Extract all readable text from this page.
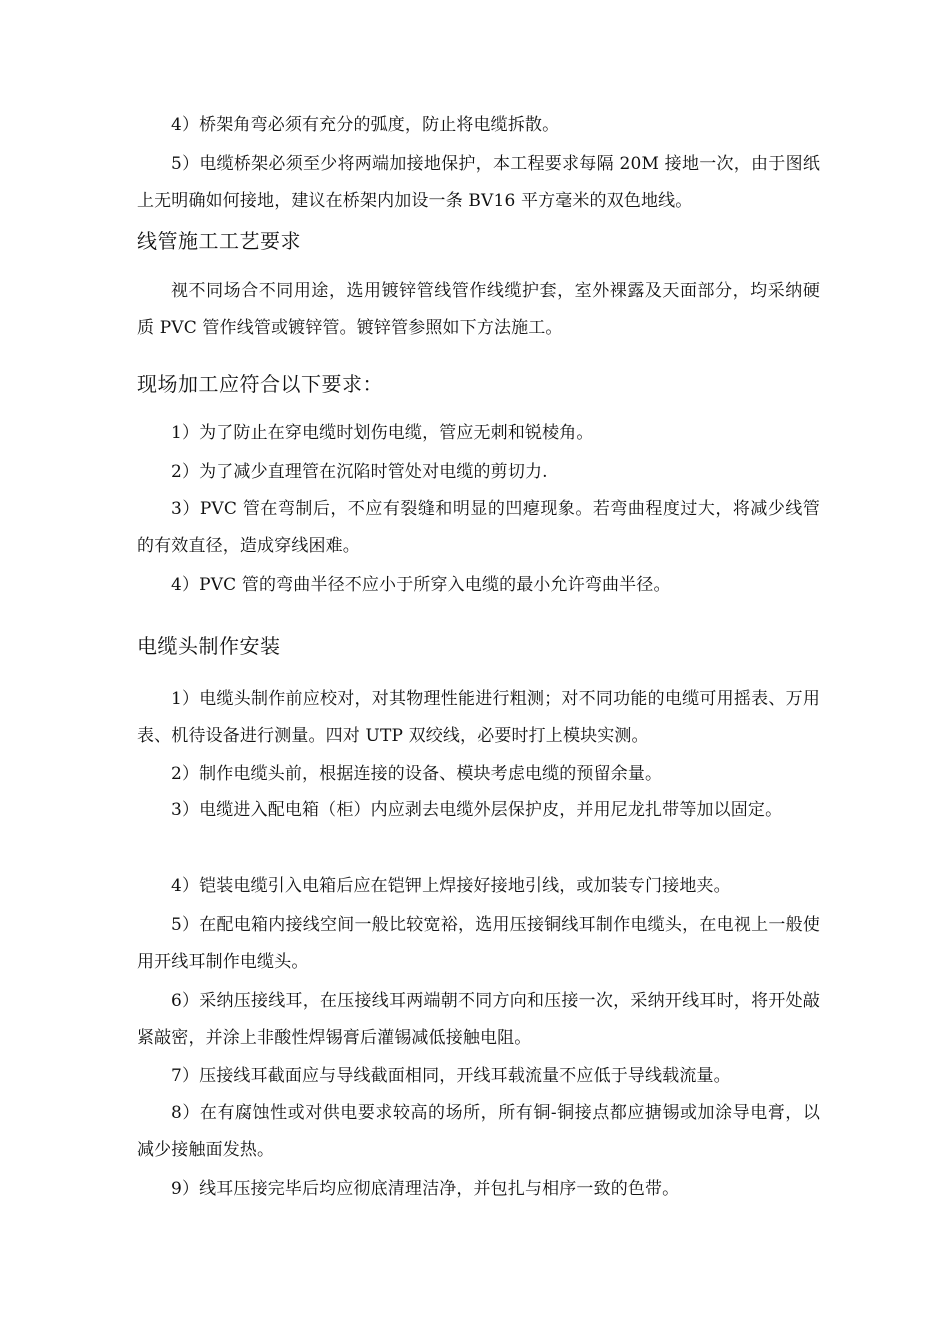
4）桥架角弯必须有充分的弧度，防止将电缆拆散。

5）电缆桥架必须至少将两端加接地保护，本工程要求每隔 20M 接地一次，由于图纸上无明确如何接地，建议在桥架内加设一条 BV16 平方毫米的双色地线。

线管施工工艺要求

视不同场合不同用途，选用镀锌管线管作线缆护套，室外裸露及天面部分，均采纳硬质 PVC 管作线管或镀锌管。镀锌管参照如下方法施工。

现场加工应符合以下要求：

1）为了防止在穿电缆时划伤电缆，管应无刺和锐棱角。

2）为了减少直理管在沉陷时管处对电缆的剪切力.

3）PVC 管在弯制后，不应有裂缝和明显的凹瘪现象。若弯曲程度过大，将减少线管的有效直径，造成穿线困难。

4）PVC 管的弯曲半径不应小于所穿入电缆的最小允许弯曲半径。

电缆头制作安装

1）电缆头制作前应校对，对其物理性能进行粗测；对不同功能的电缆可用摇表、万用表、机待设备进行测量。四对 UTP 双绞线，必要时打上模块实测。

2）制作电缆头前，根据连接的设备、模块考虑电缆的预留余量。

3）电缆进入配电箱（柜）内应剥去电缆外层保护皮，并用尼龙扎带等加以固定。

4）铠装电缆引入电箱后应在铠钾上焊接好接地引线，或加装专门接地夹。

5）在配电箱内接线空间一般比较宽裕，选用压接铜线耳制作电缆头，在电视上一般使用开线耳制作电缆头。

6）采纳压接线耳，在压接线耳两端朝不同方向和压接一次，采纳开线耳时，将开处敲紧敲密，并涂上非酸性焊锡膏后灌锡减低接触电阻。

7）压接线耳截面应与导线截面相同，开线耳载流量不应低于导线载流量。

8）在有腐蚀性或对供电要求较高的场所，所有铜-铜接点都应搪锡或加涂导电膏，以减少接触面发热。

9）线耳压接完毕后均应彻底清理洁净，并包扎与相序一致的色带。
